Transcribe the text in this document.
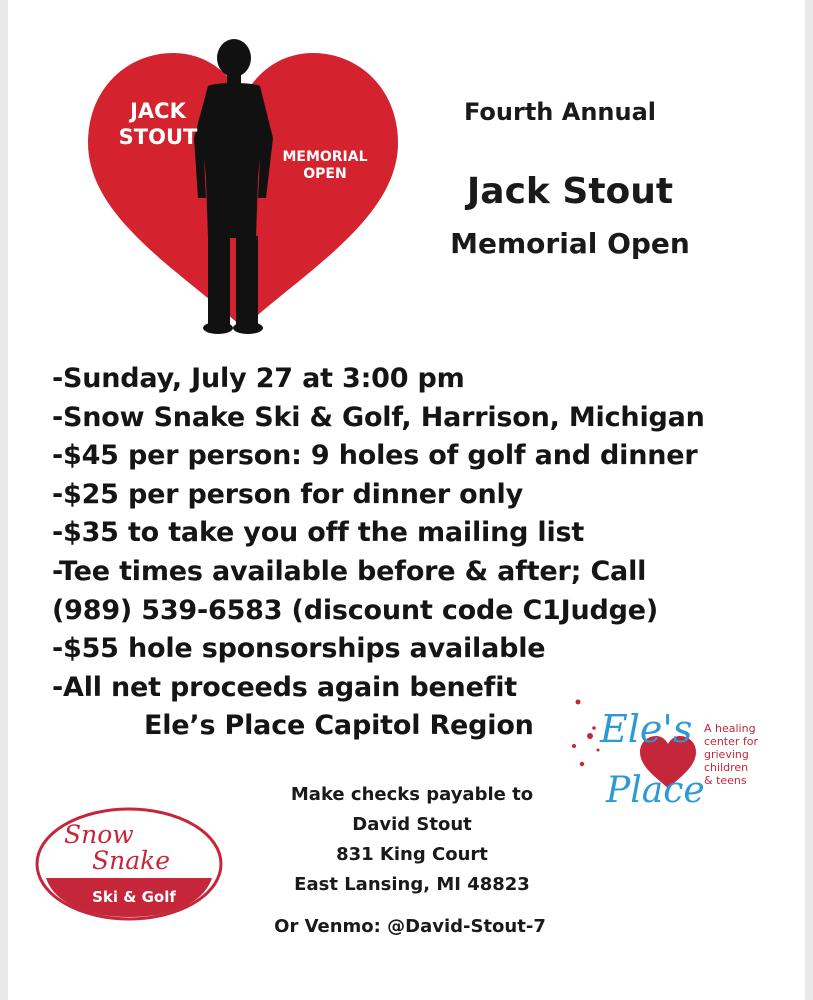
JACK
STOUT
MEMORIAL
OPEN
Fourth Annual
Jack Stout
Memorial Open
-Sunday, July 27 at 3:00 pm
-Snow Snake Ski & Golf, Harrison, Michigan
-$45 per person: 9 holes of golf and dinner
-$25 per person for dinner only
-$35 to take you off the mailing list
-Tee times available before & after; Call
(989) 539-6583 (discount code C1Judge)
-$55 hole sponsorships available
-All net proceeds again benefit
Ele’s Place Capitol Region	Ele's
Place
A healing
center for
grieving
children
& teens
Make checks payable to
David Stout
831 King Court
East Lansing, MI 48823
Or Venmo: @David-Stout-7
Snow
Snake
Ski & Golf
